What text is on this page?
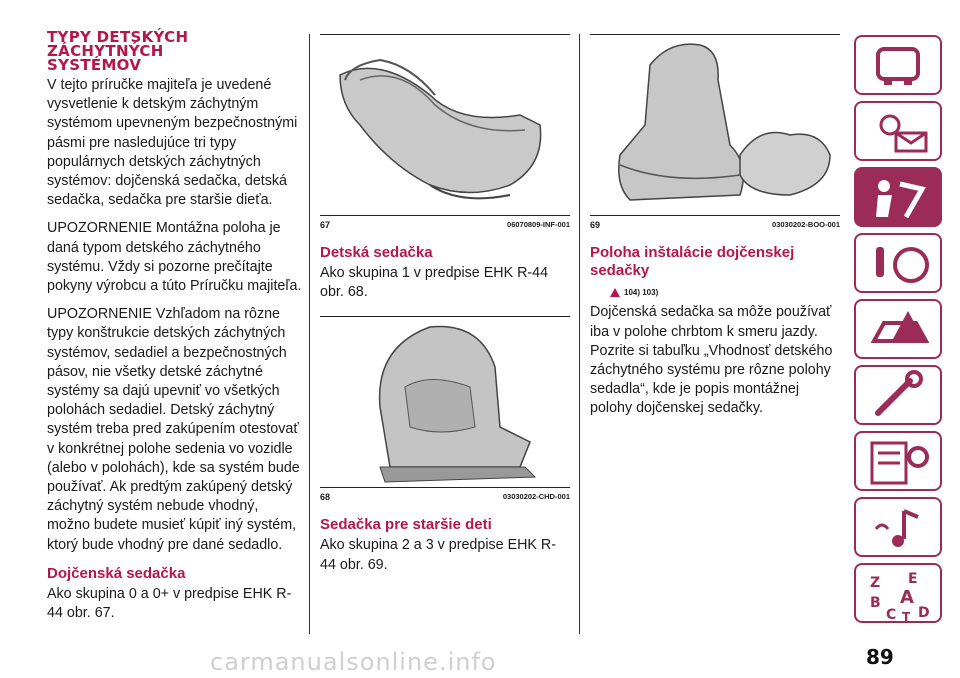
TYPY DETSKÝCH
ZÁCHYTNÝCH
SYSTÉMOV

V tejto príručke majiteľa je uvedené vysvetlenie k detským záchytným systémom upevneným bezpečnostnými pásmi pre nasledujúce tri typy populárnych detských záchytných systémov: dojčenská sedačka, detská sedačka, sedačka pre staršie dieťa.

UPOZORNENIE Montážna poloha je daná typom detského záchytného systému. Vždy si pozorne prečítajte pokyny výrobcu a túto Príručku majiteľa.

UPOZORNENIE Vzhľadom na rôzne typy konštrukcie detských záchytných systémov, sedadiel a bezpečnostných pásov, nie všetky detské záchytné systémy sa dajú upevniť vo všetkých polohách sedadiel. Detský záchytný systém treba pred zakúpením otestovať v konkrétnej polohe sedenia vo vozidle (alebo v polohách), kde sa systém bude používať. Ak predtým zakúpený detský záchytný systém nebude vhodný, možno budete musieť kúpiť iný systém, ktorý bude vhodný pre dané sedadlo.

Dojčenská sedačka

Ako skupina 0 a 0+ v predpise EHK R-44 obr. 67.

67	06070809-INF-001
Detská sedačka

Ako skupina 1 v predpise EHK R-44 obr. 68.

68	03030202-CHD-001
Sedačka pre staršie deti

Ako skupina 2 a 3 v predpise EHK R-44 obr. 69.

69	03030202-BOO-001
Poloha inštalácie dojčenskej sedačky
104) 103)

Dojčenská sedačka sa môže používať iba v polohe chrbtom k smeru jazdy. Pozrite si tabuľku „Vhodnosť detského záchytného systému pre rôzne polohy sedadla“, kde je popis montážnej polohy dojčenskej sedačky.

Z E
B A
C T D
89
carmanualsonline.info
